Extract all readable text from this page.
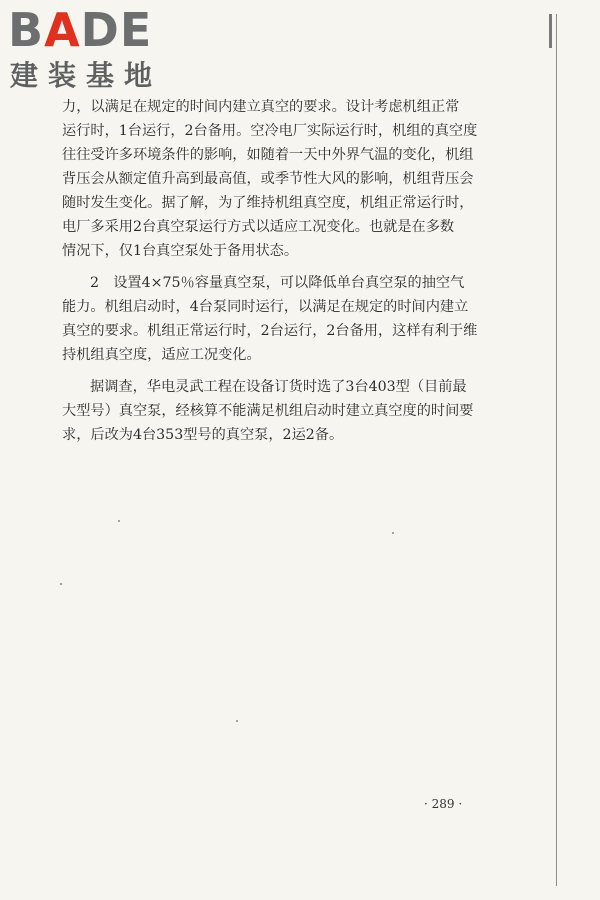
BADE
建装基地
力，以满足在规定的时间内建立真空的要求。设计考虑机组正常
运行时，1台运行，2台备用。空冷电厂实际运行时，机组的真空度
往往受许多环境条件的影响，如随着一天中外界气温的变化，机组
背压会从额定值升高到最高值，或季节性大风的影响，机组背压会
随时发生变化。据了解，为了维持机组真空度，机组正常运行时，
电厂多采用2台真空泵运行方式以适应工况变化。也就是在多数
情况下，仅1台真空泵处于备用状态。
2　设置4×75％容量真空泵，可以降低单台真空泵的抽空气
能力。机组启动时，4台泵同时运行，以满足在规定的时间内建立
真空的要求。机组正常运行时，2台运行，2台备用，这样有利于维
持机组真空度，适应工况变化。
据调查，华电灵武工程在设备订货时选了3台403型（目前最
大型号）真空泵，经核算不能满足机组启动时建立真空度的时间要
求，后改为4台353型号的真空泵，2运2备。
· 289 ·
